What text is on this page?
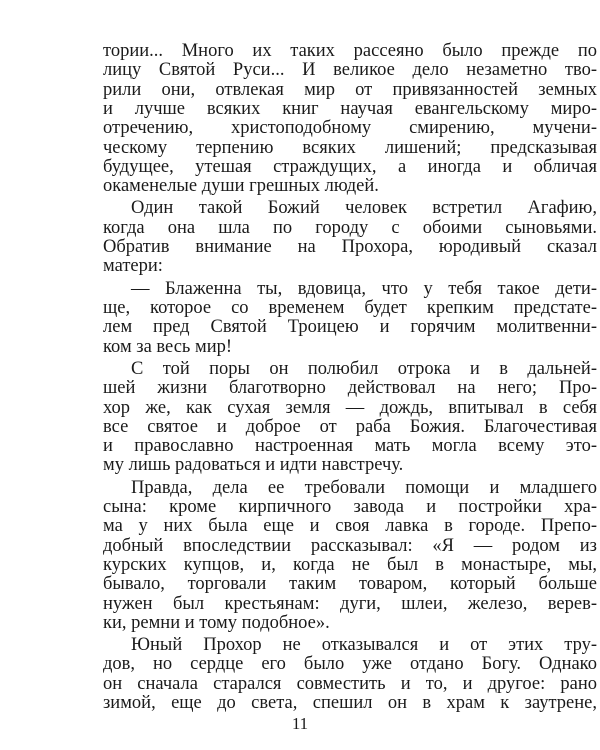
тории... Много их таких рассеяно было прежде по
лицу Святой Руси... И великое дело незаметно тво-
рили они, отвлекая мир от привязанностей земных
и лучше всяких книг научая евангельскому миро-
отречению, христоподобному смирению, мучени-
ческому терпению всяких лишений; предсказывая
будущее, утешая страждущих, а иногда и обличая
окаменелые души грешных людей.
Один такой Божий человек встретил Агафию,
когда она шла по городу с обоими сыновьями.
Обратив внимание на Прохора, юродивый сказал
матери:
— Блаженна ты, вдовица, что у тебя такое дети-
ще, которое со временем будет крепким предстате-
лем пред Святой Троицею и горячим молитвенни-
ком за весь мир!
С той поры он полюбил отрока и в дальней-
шей жизни благотворно действовал на него; Про-
хор же, как сухая земля — дождь, впитывал в себя
все святое и доброе от раба Божия. Благочестивая
и православно настроенная мать могла всему это-
му лишь радоваться и идти навстречу.
Правда, дела ее требовали помощи и младшего
сына: кроме кирпичного завода и постройки хра-
ма у них была еще и своя лавка в городе. Препо-
добный впоследствии рассказывал: «Я — родом из
курских купцов, и, когда не был в монастыре, мы,
бывало, торговали таким товаром, который больше
нужен был крестьянам: дуги, шлеи, железо, верев-
ки, ремни и тому подобное».
Юный Прохор не отказывался и от этих тру-
дов, но сердце его было уже отдано Богу. Однако
он сначала старался совместить и то, и другое: рано
зимой, еще до света, спешил он в храм к заутрене,
11
